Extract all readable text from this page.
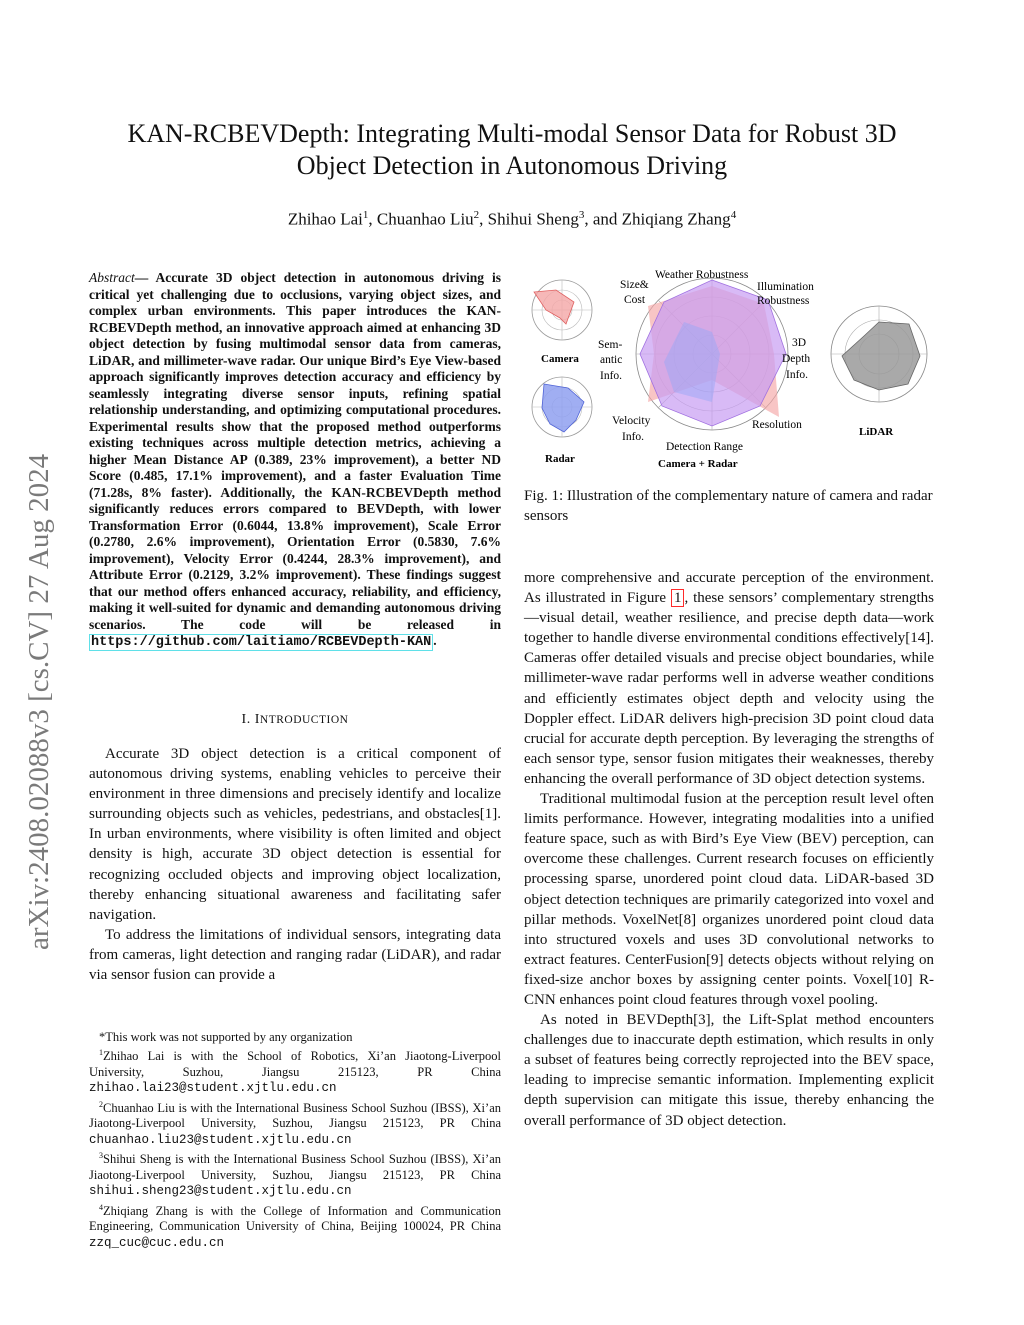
arXiv:2408.02088v3 [cs.CV] 27 Aug 2024
KAN-RCBEVDepth: Integrating Multi-modal Sensor Data for Robust 3D Object Detection in Autonomous Driving
Zhihao Lai$^1$, Chuanhao Liu$^2$, Shihui Sheng$^3$, and Zhiqiang Zhang$^4$
Abstract— Accurate 3D object detection in autonomous driving is critical yet challenging due to occlusions, varying object sizes, and complex urban environments. This paper introduces the KAN-RCBEVDepth method, an innovative approach aimed at enhancing 3D object detection by fusing multimodal sensor data from cameras, LiDAR, and millimeter-wave radar. Our unique Bird’s Eye View-based approach significantly improves detection accuracy and efficiency by seamlessly integrating diverse sensor inputs, refining spatial relationship understanding, and optimizing computational procedures. Experimental results show that the proposed method outperforms existing techniques across multiple detection metrics, achieving a higher Mean Distance AP (0.389, 23% improvement), a better ND Score (0.485, 17.1% improvement), and a faster Evaluation Time (71.28s, 8% faster). Additionally, the KAN-RCBEVDepth method significantly reduces errors compared to BEVDepth, with lower Transformation Error (0.6044, 13.8% improvement), Scale Error (0.2780, 2.6% improvement), Orientation Error (0.5830, 7.6% improvement), Velocity Error (0.4244, 28.3% improvement), and Attribute Error (0.2129, 3.2% improvement). These findings suggest that our method offers enhanced accuracy, reliability, and efficiency, making it well-suited for dynamic and demanding autonomous driving scenarios. The code will be released in https://github.com/laitiamo/RCBEVDepth-KAN .
I. INTRODUCTION

Accurate 3D object detection is a critical component of autonomous driving systems, enabling vehicles to perceive their environment in three dimensions and precisely identify and localize surrounding objects such as vehicles, pedestrians, and obstacles[1]. In urban environments, where visibility is often limited and object density is high, accurate 3D object detection is essential for recognizing occluded objects and improving object localization, thereby enhancing situational awareness and facilitating safer navigation.

To address the limitations of individual sensors, integrating data from cameras, light detection and ranging radar (LiDAR), and radar via sensor fusion can provide a

*This work was not supported by any organization

$^1$Zhihao Lai is with the School of Robotics, Xi’an Jiaotong-Liverpool University, Suzhou, Jiangsu 215123, PR China zhihao.lai23@student.xjtlu.edu.cn

$^2$Chuanhao Liu is with the International Business School Suzhou (IBSS), Xi’an Jiaotong-Liverpool University, Suzhou, Jiangsu 215123, PR China chuanhao.liu23@student.xjtlu.edu.cn

$^3$Shihui Sheng is with the International Business School Suzhou (IBSS), Xi’an Jiaotong-Liverpool University, Suzhou, Jiangsu 215123, PR China shihui.sheng23@student.xjtlu.edu.cn

$^4$Zhiqiang Zhang is with the College of Information and Communication Engineering, Communication University of China, Beijing 100024, PR China zzq_cuc@cuc.edu.cn

Camera
Radar
Weather Robustness
Illumination
Robustness
3D
Depth
Info.
Resolution
Detection Range
Velocity
Info.
Sem-
antic
Info.
Size&
Cost
Camera + Radar
LiDAR
Fig. 1: Illustration of the complementary nature of camera and radar sensors

more comprehensive and accurate perception of the environment. As illustrated in Figure 1 , these sensors’ complementary strengths—visual detail, weather resilience, and precise depth data—work together to handle diverse environmental conditions effectively[14]. Cameras offer detailed visuals and precise object boundaries, while millimeter-wave radar performs well in adverse weather conditions and efficiently estimates object depth and velocity using the Doppler effect. LiDAR delivers high-precision 3D point cloud data crucial for accurate depth perception. By leveraging the strengths of each sensor type, sensor fusion mitigates their weaknesses, thereby enhancing the overall performance of 3D object detection systems.

Traditional multimodal fusion at the perception result level often limits performance. However, integrating modalities into a unified feature space, such as with Bird’s Eye View (BEV) perception, can overcome these challenges. Current research focuses on efficiently processing sparse, unordered point cloud data. LiDAR-based 3D object detection techniques are primarily categorized into voxel and pillar methods. VoxelNet[8] organizes unordered point cloud data into structured voxels and uses 3D convolutional networks to extract features. CenterFusion[9] detects objects without relying on fixed-size anchor boxes by assigning center points. Voxel[10] R-CNN enhances point cloud features through voxel pooling.

As noted in BEVDepth[3], the Lift-Splat method encounters challenges due to inaccurate depth estimation, which results in only a subset of features being correctly reprojected into the BEV space, leading to imprecise semantic information. Implementing explicit depth supervision can mitigate this issue, thereby enhancing the overall performance of 3D object detection.
